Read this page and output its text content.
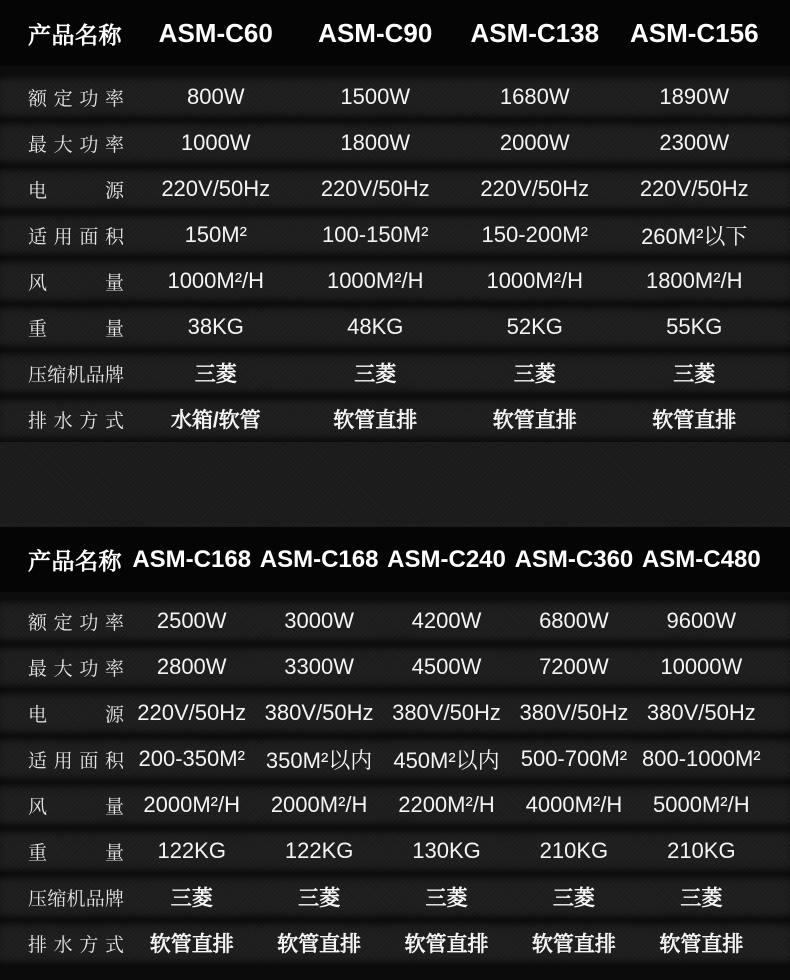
产品名称	ASM-C60	ASM-C90	ASM-C138	ASM-C156
额定功率	800W	1500W	1680W	1890W
最大功率	1000W	1800W	2000W	2300W
电源	220V/50Hz	220V/50Hz	220V/50Hz	220V/50Hz
适用面积	150M²	100-150M²	150-200M²	260M²以下
风量	1000M²/H	1000M²/H	1000M²/H	1800M²/H
重量	38KG	48KG	52KG	55KG
压缩机品牌	三菱	三菱	三菱	三菱
排水方式	水箱/软管	软管直排	软管直排	软管直排
产品名称 ASM-C168 ASM-C168 ASM-C240 ASM-C360 ASM-C480
额定功率	2500W	3000W	4200W	6800W	9600W
最大功率	2800W	3300W	4500W	7200W	10000W
电源 220V/50Hz 380V/50Hz 380V/50Hz 380V/50Hz 380V/50Hz
适用面积 200-350M² 350M²以内 450M²以内 500-700M² 800-1000M²
风量 2000M²/H	2000M²/H	2200M²/H	4000M²/H	5000M²/H
重量	122KG	122KG	130KG	210KG	210KG
压缩机品牌	三菱	三菱	三菱	三菱	三菱
排水方式	软管直排	软管直排	软管直排	软管直排	软管直排
